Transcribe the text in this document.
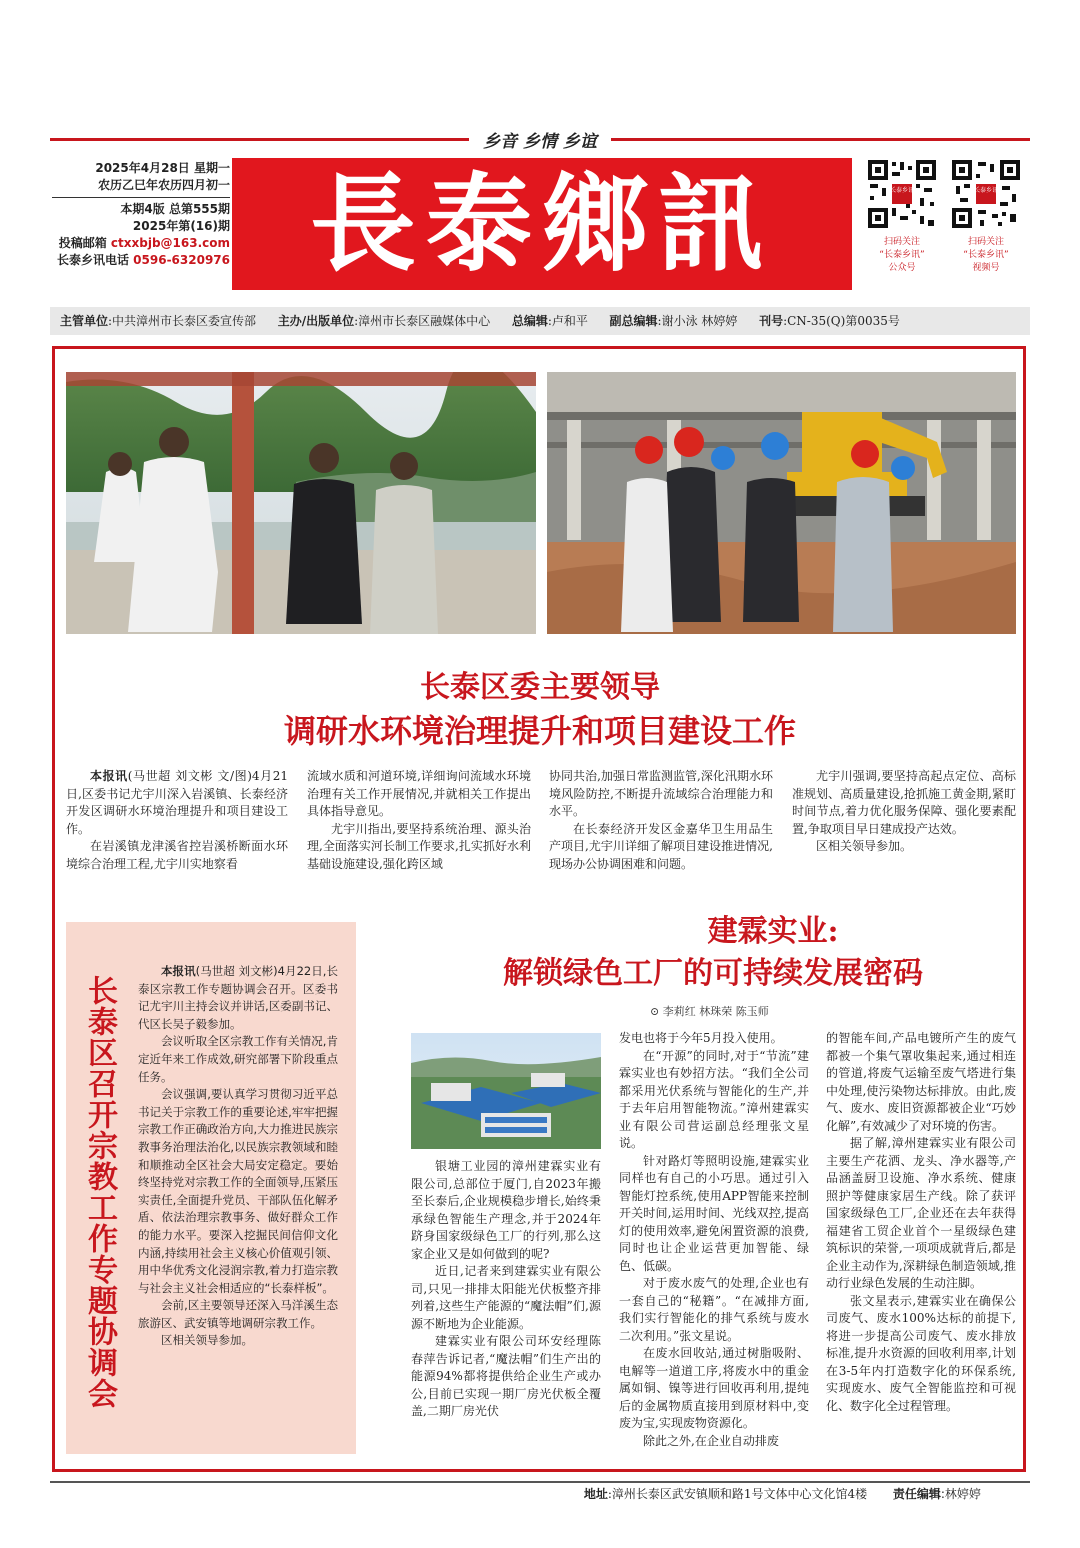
乡音 乡情 乡谊
2025年4月28日 星期一
农历乙巳年农历四月初一
本期4版 总第555期
2025年第(16)期
投稿邮箱 ctxxbjb@163.com
长泰乡讯电话 0596-6320976 長泰鄉訊	长泰乡讯
扫码关注
“长泰乡讯”
公众号
长泰乡讯
扫码关注
“长泰乡讯”
视频号
主管单位:中共漳州市长泰区委宣传部 主办/出版单位:漳州市长泰区融媒体中心 总编辑:卢和平 副总编辑:谢小泳 林婷婷 刊号:CN-35(Q)第0035号
长泰区委主要领导
调研水环境治理提升和项目建设工作

本报讯(马世超 刘文彬 文/图)4月21日,区委书记尤宇川深入岩溪镇、长泰经济开发区调研水环境治理提升和项目建设工作。

在岩溪镇龙津溪省控岩溪桥断面水环境综合治理工程,尤宇川实地察看

流域水质和河道环境,详细询问流域水环境治理有关工作开展情况,并就相关工作提出具体指导意见。

尤宇川指出,要坚持系统治理、源头治理,全面落实河长制工作要求,扎实抓好水利基础设施建设,强化跨区域

协同共治,加强日常监测监管,深化汛期水环境风险防控,不断提升流域综合治理能力和水平。

在长泰经济开发区金嘉华卫生用品生产项目,尤宇川详细了解项目建设推进情况,现场办公协调困难和问题。

尤宇川强调,要坚持高起点定位、高标准规划、高质量建设,抢抓施工黄金期,紧盯时间节点,着力优化服务保障、强化要素配置,争取项目早日建成投产达效。

区相关领导参加。

长泰区召开宗教工作专题协调会

本报讯(马世超 刘文彬)4月22日,长泰区宗教工作专题协调会召开。区委书记尤宇川主持会议并讲话,区委副书记、代区长吴子毅参加。

会议听取全区宗教工作有关情况,肯定近年来工作成效,研究部署下阶段重点任务。

会议强调,要认真学习贯彻习近平总书记关于宗教工作的重要论述,牢牢把握宗教工作正确政治方向,大力推进民族宗教事务治理法治化,以民族宗教领域和睦和顺推动全区社会大局安定稳定。要始终坚持党对宗教工作的全面领导,压紧压实责任,全面提升党员、干部队伍化解矛盾、依法治理宗教事务、做好群众工作的能力水平。要深入挖掘民间信仰文化内涵,持续用社会主义核心价值观引领、用中华优秀文化浸润宗教,着力打造宗教与社会主义社会相适应的“长泰样板”。

会前,区主要领导还深入马洋溪生态旅游区、武安镇等地调研宗教工作。

区相关领导参加。

建霖实业:
解锁绿色工厂的可持续发展密码
⊙ 李莉红 林珠荣 陈玉师

银塘工业园的漳州建霖实业有限公司,总部位于厦门,自2023年搬至长泰后,企业规模稳步增长,始终秉承绿色智能生产理念,并于2024年跻身国家级绿色工厂的行列,那么这家企业又是如何做到的呢?

近日,记者来到建霖实业有限公司,只见一排排太阳能光伏板整齐排列着,这些生产能源的“魔法帽”们,源源不断地为企业能源。

建霖实业有限公司环安经理陈春萍告诉记者,“魔法帽”们生产出的能源94%都将提供给企业生产或办公,目前已实现一期厂房光伏板全覆盖,二期厂房光伏

发电也将于今年5月投入使用。

在“开源”的同时,对于“节流”建霖实业也有妙招方法。“我们全公司都采用光伏系统与智能化的生产,并于去年启用智能物流。”漳州建霖实业有限公司营运副总经理张文星说。

针对路灯等照明设施,建霖实业同样也有自己的小巧思。通过引入智能灯控系统,使用APP智能来控制开关时间,运用时间、光线双控,提高灯的使用效率,避免闲置资源的浪费,同时也让企业运营更加智能、绿色、低碳。

对于废水废气的处理,企业也有一套自己的“秘籍”。“在减排方面,我们实行智能化的排气系统与废水二次利用。”张文星说。

在废水回收站,通过树脂吸附、电解等一道道工序,将废水中的重金属如铜、镍等进行回收再利用,提纯后的金属物质直接用到原材料中,变废为宝,实现废物资源化。

除此之外,在企业自动排废

的智能车间,产品电镀所产生的废气都被一个集气罩收集起来,通过相连的管道,将废气运输至废气塔进行集中处理,使污染物达标排放。由此,废气、废水、废旧资源都被企业“巧妙化解”,有效减少了对环境的伤害。

据了解,漳州建霖实业有限公司主要生产花洒、龙头、净水器等,产品涵盖厨卫设施、净水系统、健康照护等健康家居生产线。除了获评国家级绿色工厂,企业还在去年获得福建省工贸企业首个一星级绿色建筑标识的荣誉,一项项成就背后,都是企业主动作为,深耕绿色制造领域,推动行业绿色发展的生动注脚。

张文星表示,建霖实业在确保公司废气、废水100%达标的前提下,将进一步提高公司废气、废水排放标准,提升水资源的回收利用率,计划在3-5年内打造数字化的环保系统,实现废水、废气全智能监控和可视化、数字化全过程管理。

地址:漳州长泰区武安镇顺和路1号文体中心文化馆4楼 责任编辑:林婷婷
